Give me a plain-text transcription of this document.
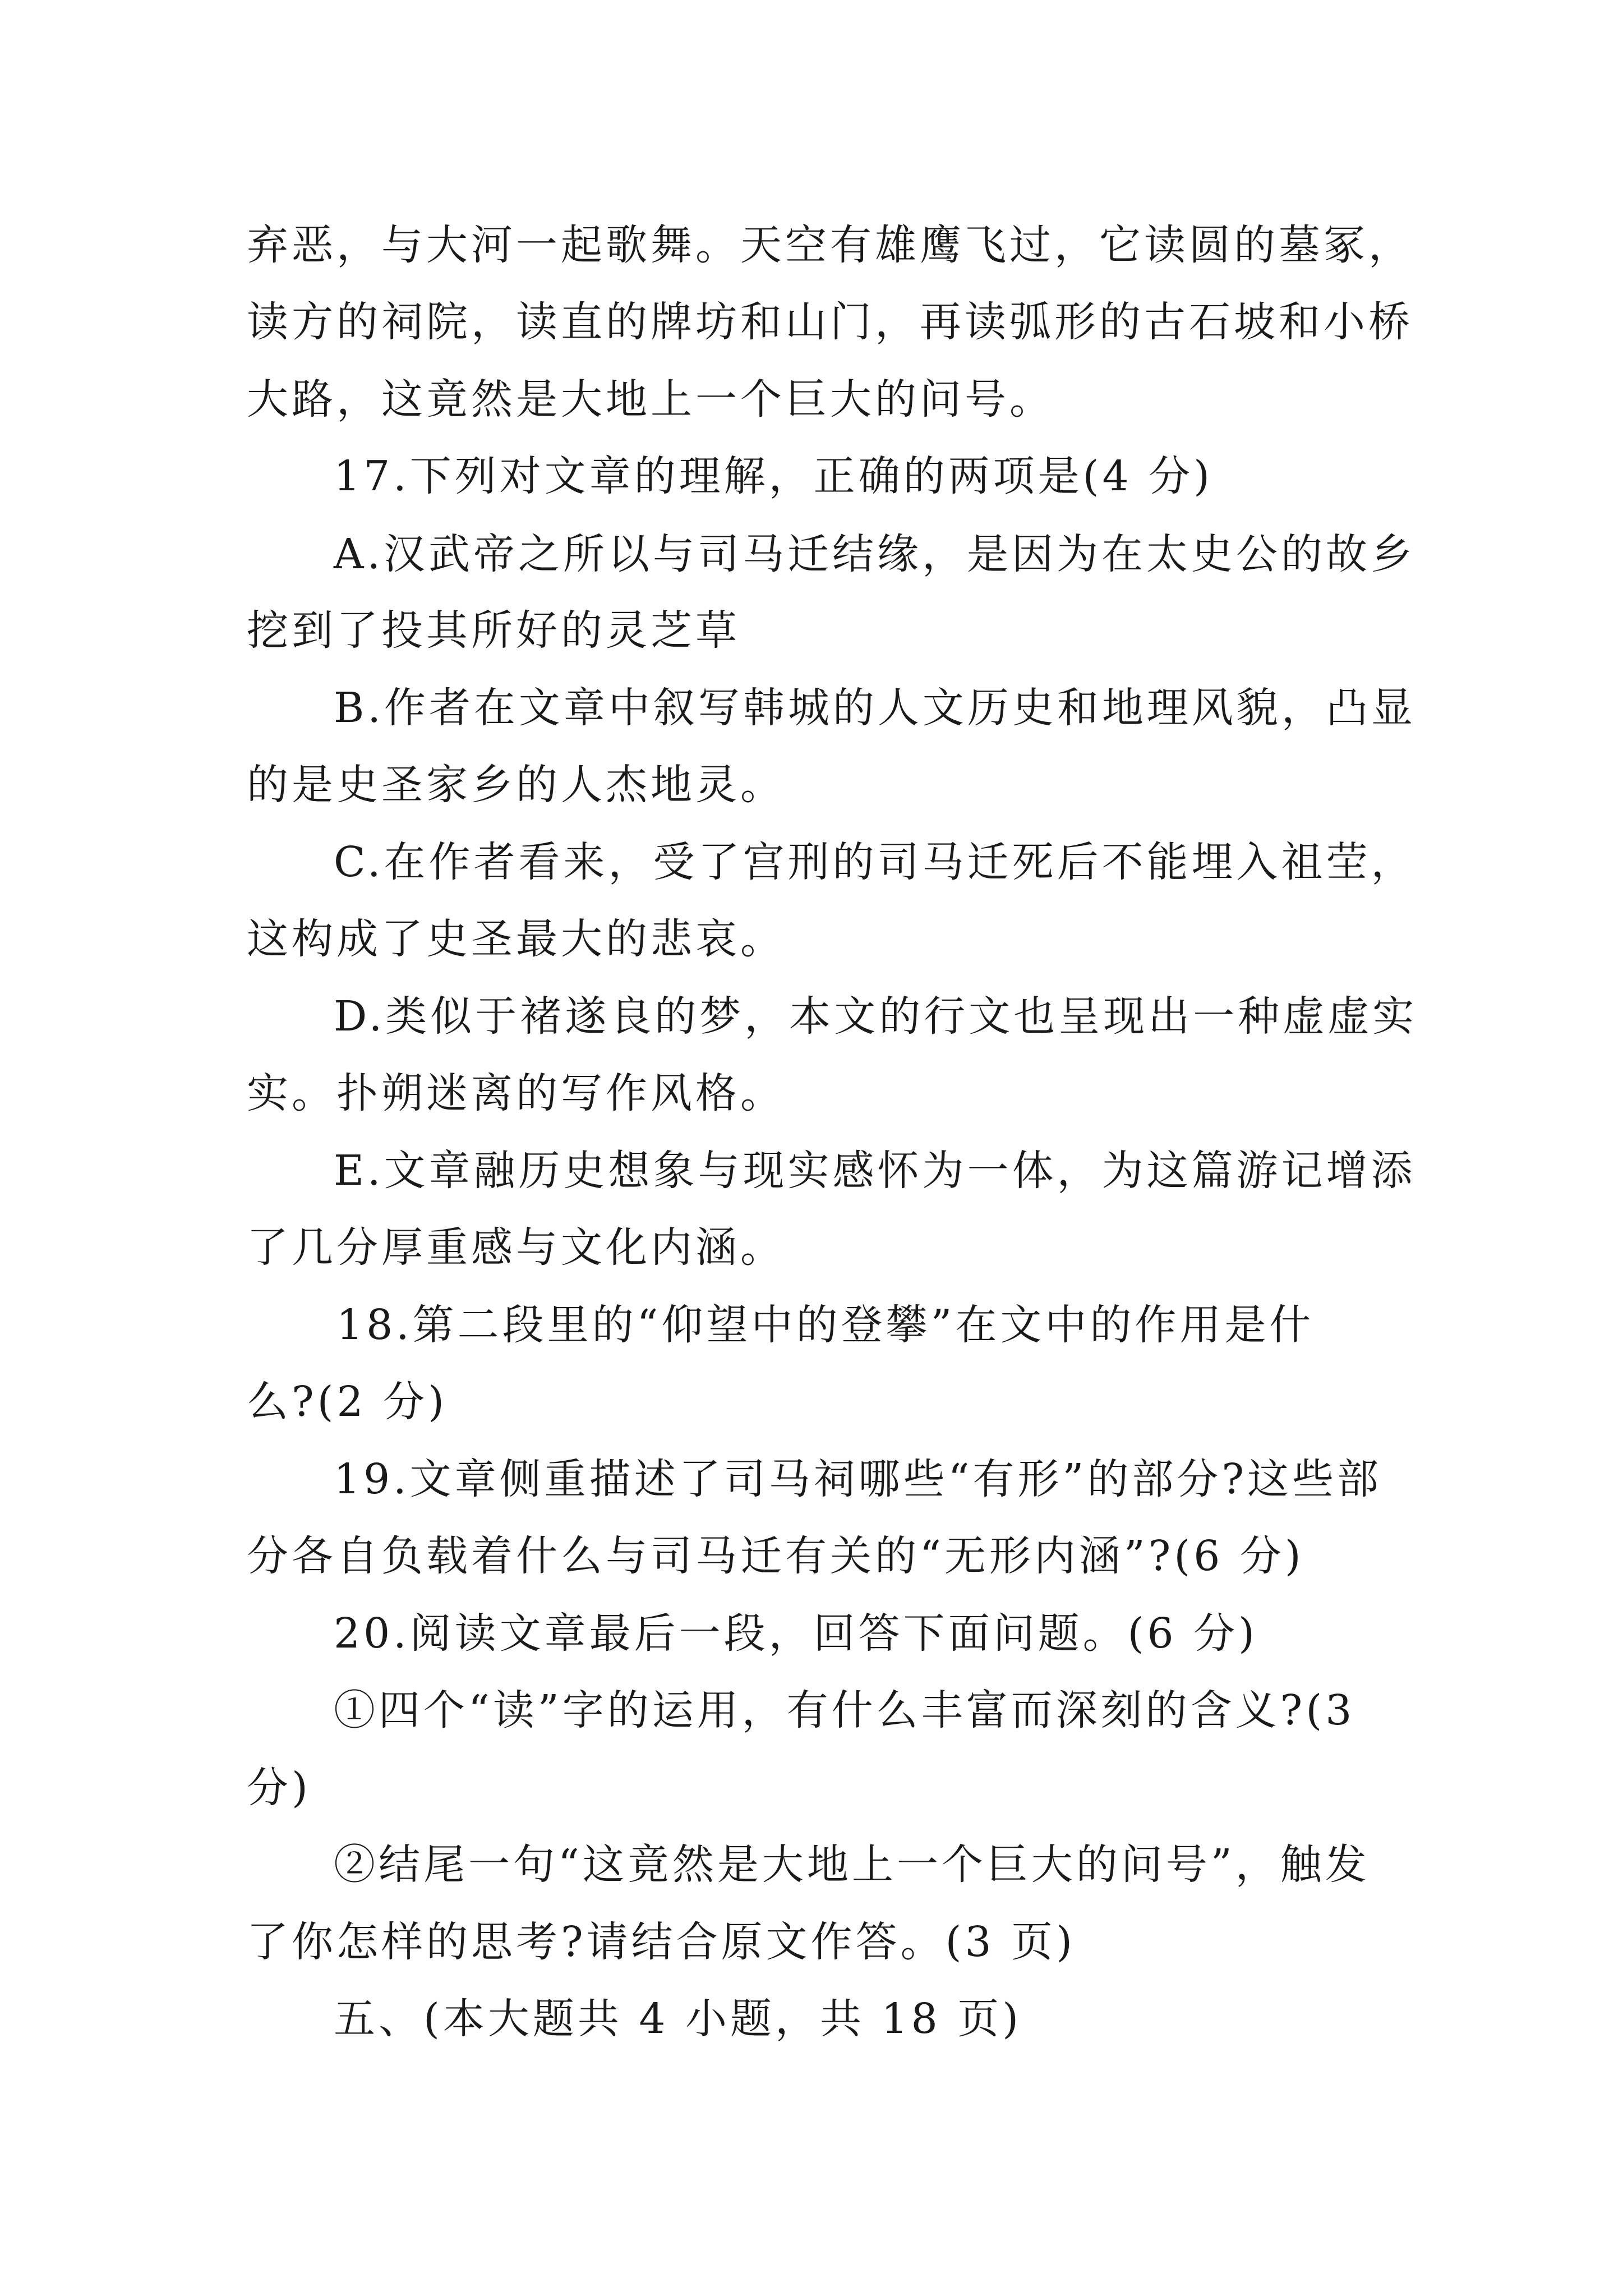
弃恶，与大河一起歌舞。天空有雄鹰飞过，它读圆的墓冢，
读方的祠院，读直的牌坊和山门，再读弧形的古石坡和小桥
大路，这竟然是大地上一个巨大的问号。
17.下列对文章的理解，正确的两项是(4 分)
A.汉武帝之所以与司马迁结缘，是因为在太史公的故乡
挖到了投其所好的灵芝草
B.作者在文章中叙写韩城的人文历史和地理风貌，凸显
的是史圣家乡的人杰地灵。
C.在作者看来，受了宫刑的司马迁死后不能埋入祖茔，
这构成了史圣最大的悲哀。
D.类似于褚遂良的梦，本文的行文也呈现出一种虚虚实
实。扑朔迷离的写作风格。
E.文章融历史想象与现实感怀为一体，为这篇游记增添
了几分厚重感与文化内涵。
18.第二段里的“仰望中的登攀”在文中的作用是什
么?(2 分)
19.文章侧重描述了司马祠哪些“有形”的部分?这些部
分各自负载着什么与司马迁有关的“无形内涵”?(6 分)
20.阅读文章最后一段，回答下面问题。(6 分)
①四个“读”字的运用，有什么丰富而深刻的含义?(3
分)
②结尾一句“这竟然是大地上一个巨大的问号”，触发
了你怎样的思考?请结合原文作答。(3 页)
五、(本大题共 4 小题，共 18 页)
